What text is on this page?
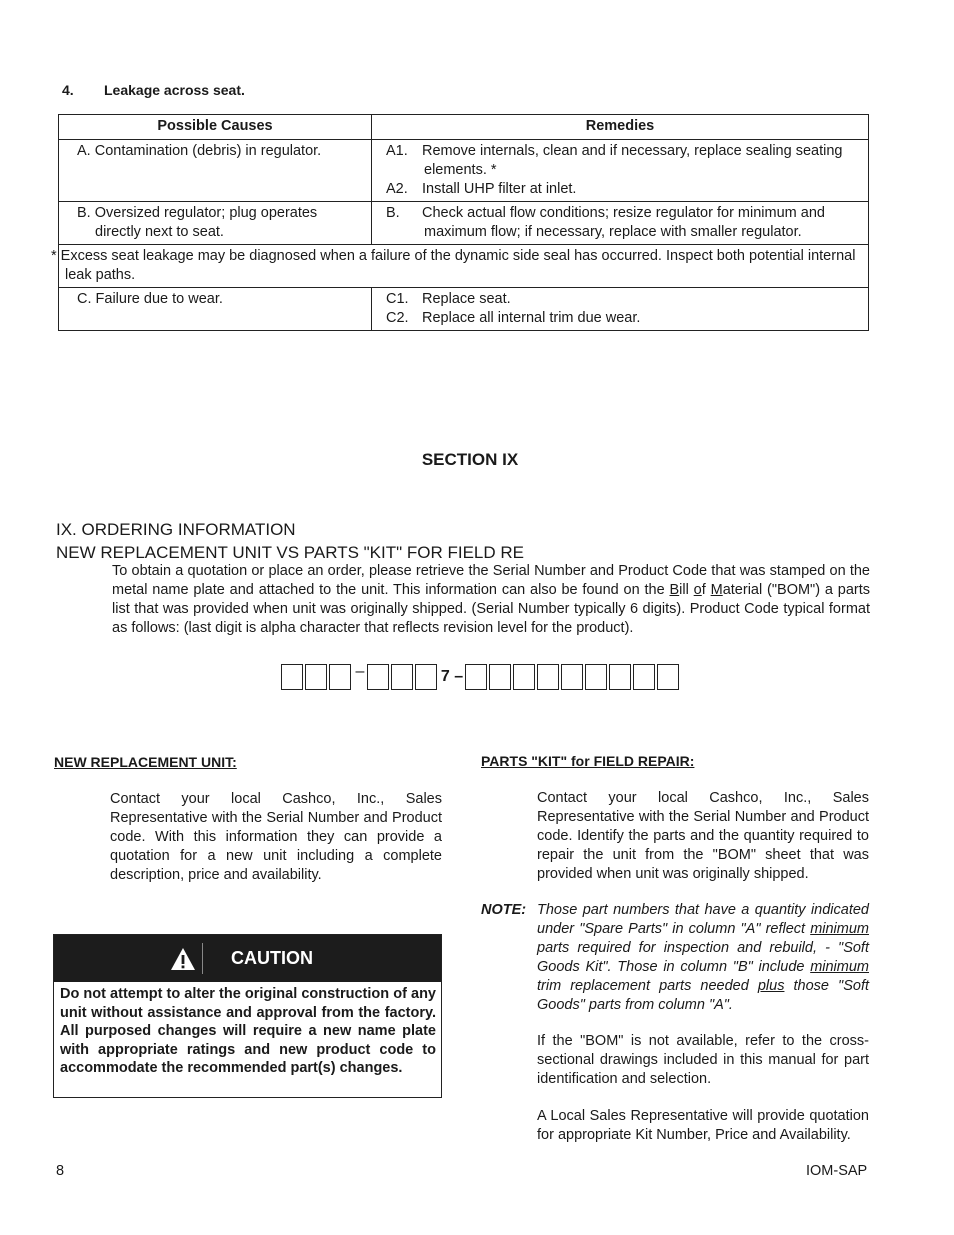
4. Leakage across seat.
Possible Causes	Remedies

A. Contamination (debris) in regulator.	A1. Remove internals, clean and if necessary, replace sealing seating elements. *
A2. Install UHP filter at inlet.

B. Oversized regulator; plug operates directly next to seat.	B. Check actual flow conditions; resize regulator for minimum and maximum flow; if necessary, replace with smaller regulator.

* Excess seat leakage may be diagnosed when a failure of the dynamic side seal has occurred. Inspect both potential internal leak paths.	

C. Failure due to wear.	C1. Replace seat.
C2. Replace all internal trim due wear.
SECTION IX
IX. ORDERING INFORMATION
NEW REPLACEMENT UNIT VS PARTS "KIT" FOR FIELD RE
To obtain a quotation or place an order, please retrieve the Serial Number and Product Code that was stamped on the metal name plate and attached to the unit. This information can also be found on the Bill of Material ("BOM") a parts list that was provided when unit was originally shipped. (Serial Number typically 6 digits). Product Code typical format as follows: (last digit is alpha character that reflects revision level for the product).
–	7 –
NEW REPLACEMENT UNIT:
Contact your local Cashco, Inc., Sales Representative with the Serial Number and Product code. With this information they can provide a quotation for a new unit including a complete description, price and availability.
CAUTION
Do not attempt to alter the original construction of any unit without assistance and approval from the factory. All purposed changes will require a new name plate with appropriate ratings and new product code to accommodate the recommended part(s) changes.
PARTS "KIT" for FIELD REPAIR:
Contact your local Cashco, Inc., Sales Representative with the Serial Number and Product code. Identify the parts and the quantity required to repair the unit from the "BOM" sheet that was provided when unit was originally shipped.
NOTE: Those part numbers that have a quantity indicated under "Spare Parts" in column "A" reflect minimum parts required for inspection and rebuild, - "Soft Goods Kit". Those in column "B" include minimum trim replacement parts needed plus those "Soft Goods" parts from column "A".
If the "BOM" is not available, refer to the cross-sectional drawings included in this manual for part identification and selection.
A Local Sales Representative will provide quotation for appropriate Kit Number, Price and Availability.
8	IOM-SAP
